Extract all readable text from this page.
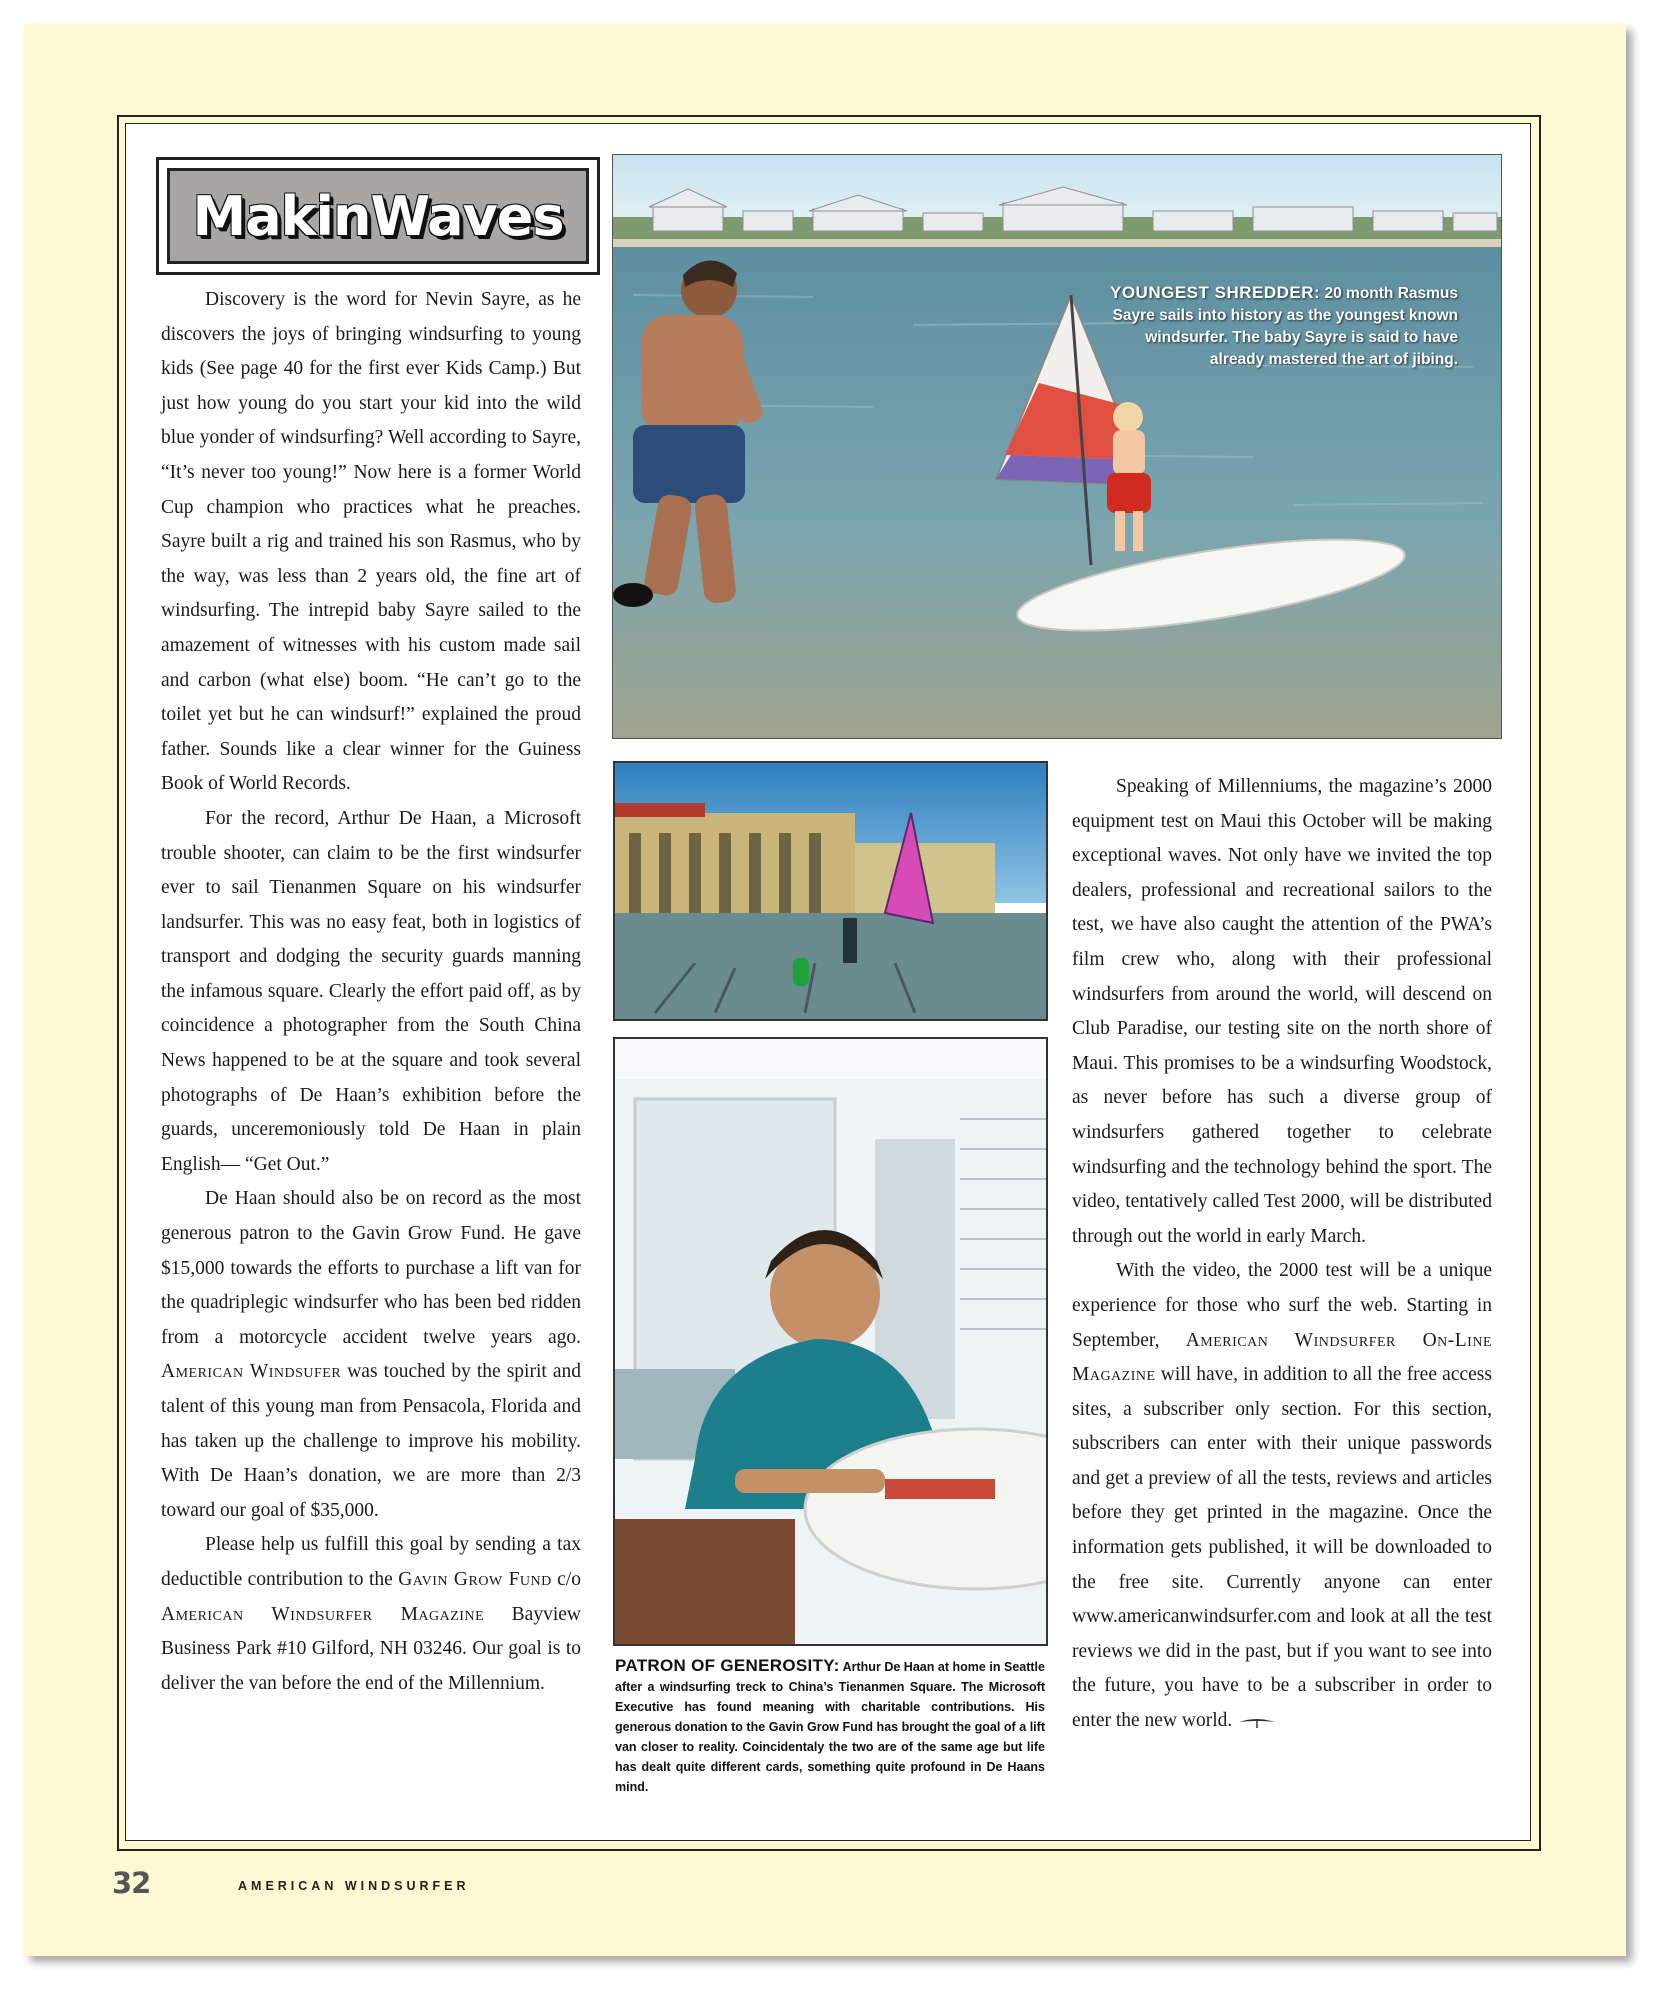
MakinWaves

Discovery is the word for Nevin Sayre, as he discovers the joys of bringing windsurfing to young kids (See page 40 for the first ever Kids Camp.) But just how young do you start your kid into the wild blue yonder of windsurfing? Well according to Sayre, “It’s never too young!” Now here is a former World Cup champion who practices what he preaches. Sayre built a rig and trained his son Rasmus, who by the way, was less than 2 years old, the fine art of windsurfing. The intrepid baby Sayre sailed to the amazement of witnesses with his custom made sail and carbon (what else) boom. “He can’t go to the toilet yet but he can windsurf!” explained the proud father. Sounds like a clear winner for the Guiness Book of World Records.

For the record, Arthur De Haan, a Microsoft trouble shooter, can claim to be the first windsurfer ever to sail Tienanmen Square on his windsurfer landsurfer. This was no easy feat, both in logistics of transport and dodging the security guards manning the infamous square. Clearly the effort paid off, as by coincidence a photographer from the South China News happened to be at the square and took several photographs of De Haan’s exhibition before the guards, unceremoniously told De Haan in plain English— “Get Out.”

De Haan should also be on record as the most generous patron to the Gavin Grow Fund. He gave $15,000 towards the efforts to purchase a lift van for the quadriplegic windsurfer who has been bed ridden from a motorcycle accident twelve years ago. American Windsufer was touched by the spirit and talent of this young man from Pensacola, Florida and has taken up the challenge to improve his mobility. With De Haan’s donation, we are more than 2/3 toward our goal of $35,000.

Please help us fulfill this goal by sending a tax deductible contribution to the Gavin Grow Fund c/o American Windsurfer Magazine Bayview Business Park #10 Gilford, NH 03246. Our goal is to deliver the van before the end of the Millennium.

YOUNGEST SHREDDER: 20 month Rasmus Sayre sails into history as the youngest known windsurfer. The baby Sayre is said to have already mastered the art of jibing.
PATRON OF GENEROSITY: Arthur De Haan at home in Seattle after a windsurfing treck to China’s Tienanmen Square. The Microsoft Executive has found meaning with charitable contributions. His generous donation to the Gavin Grow Fund has brought the goal of a lift van closer to reality. Coincidentaly the two are of the same age but life has dealt quite different cards, something quite profound in De Haans mind.

Speaking of Millenniums, the magazine’s 2000 equipment test on Maui this October will be making exceptional waves. Not only have we invited the top dealers, professional and recreational sailors to the test, we have also caught the attention of the PWA’s film crew who, along with their professional windsurfers from around the world, will descend on Club Paradise, our testing site on the north shore of Maui. This promises to be a windsurfing Woodstock, as never before has such a diverse group of windsurfers gathered together to celebrate windsurfing and the technology behind the sport. The video, tentatively called Test 2000, will be distributed through out the world in early March.

With the video, the 2000 test will be a unique experience for those who surf the web. Starting in September, American Windsurfer On-Line Magazine will have, in addition to all the free access sites, a subscriber only section. For this section, subscribers can enter with their unique passwords and get a preview of all the tests, reviews and articles before they get printed in the magazine. Once the information gets published, it will be downloaded to the free site. Currently anyone can enter www.americanwindsurfer.com and look at all the test reviews we did in the past, but if you want to see into the future, you have to be a subscriber in order to enter the new world.

32	AMERICAN WINDSURFER
